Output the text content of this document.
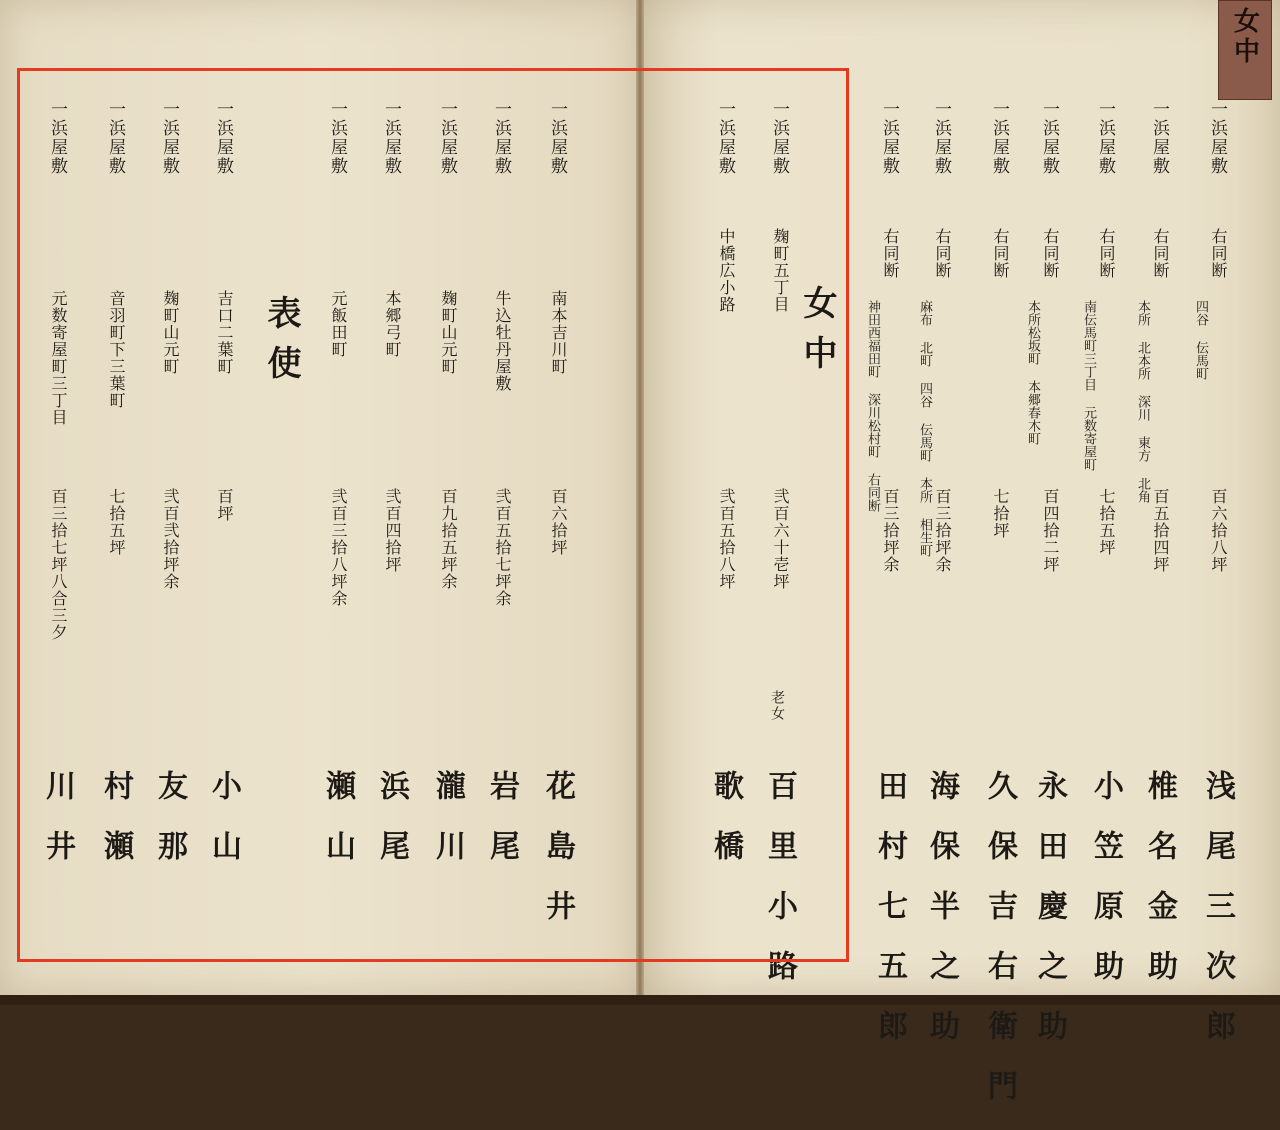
女中
一浜屋敷
南本吉川町
百六拾坪
花島井
一浜屋敷
牛込牡丹屋敷
弐百五拾七坪余
岩尾
一浜屋敷
麹町山元町
百九拾五坪余
瀧川
一浜屋敷
本郷弓町
弐百四拾坪
浜尾
一浜屋敷
元飯田町
弐百三拾八坪余
瀬山
表使
一浜屋敷
吉口二葉町
百坪
小山
一浜屋敷
麹町山元町
弐百弐拾坪余
友那
一浜屋敷
音羽町下三葉町
七拾五坪
村瀬
一浜屋敷
元数寄屋町三丁目
百三拾七坪八合三夕
川井
女中
一浜屋敷
麹町五丁目
弐百六十壱坪
老女
百里小路
一浜屋敷
中橋広小路
弐百五拾八坪
歌橋
一浜屋敷
右同断
神田西福田町 深川松村町 右同断
百三拾坪余
田村七五郎
一浜屋敷
右同断
麻布 北町 四谷 伝馬町 本所 相生町 百三拾坪余
海保半之助
一浜屋敷
右同断
七拾坪
久保吉右衛門
一浜屋敷
右同断
本所松坂町 本郷春木町
百四拾二坪
永田慶之助
一浜屋敷
右同断
南伝馬町三丁目 元数寄屋町
七拾五坪
小笠原助
一浜屋敷
右同断
本所 北本所 深川 東方 北角
百五拾四坪
椎名金助
一浜屋敷
右同断
四谷 伝馬町
百六拾八坪
浅尾三次郎
